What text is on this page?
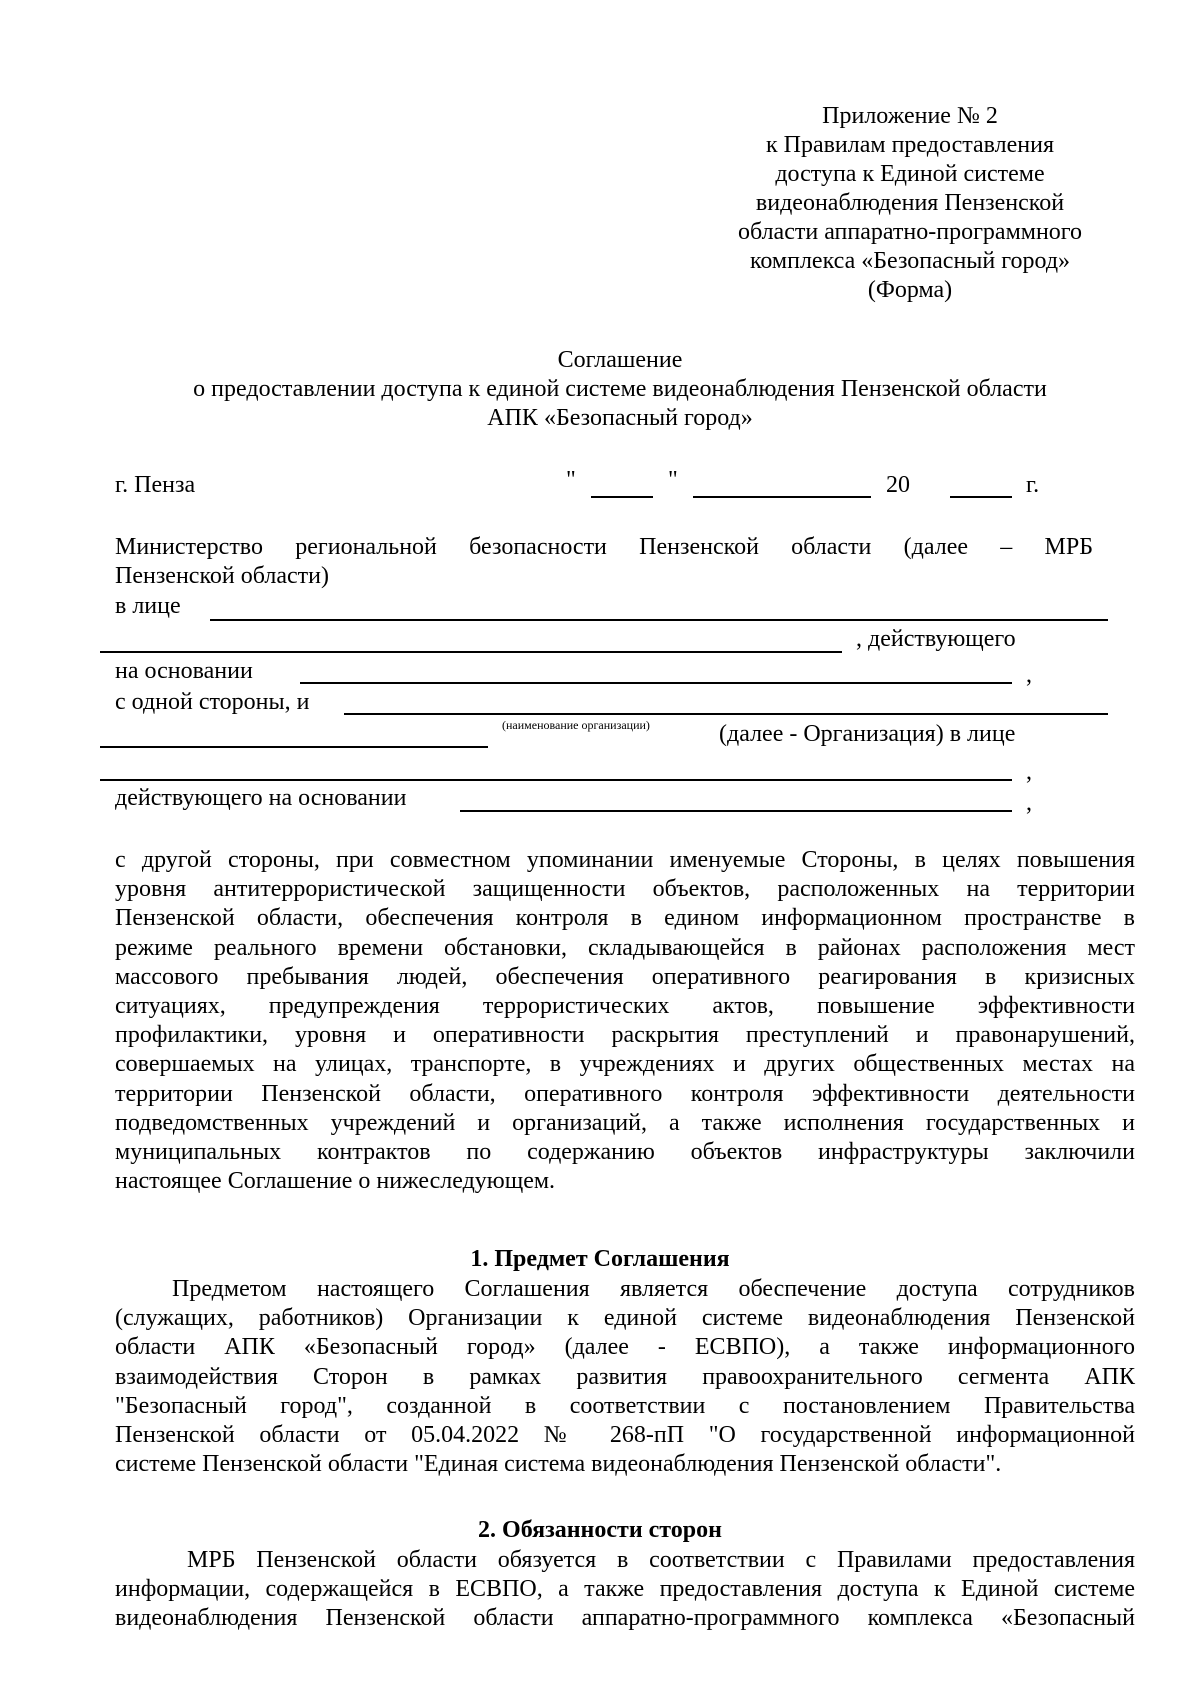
Приложение № 2
к Правилам предоставления
доступа к Единой системе
видеонаблюдения Пензенской
области аппаратно-программного
комплекса «Безопасный город»
(Форма)
Соглашение
о предоставлении доступа к единой системе видеонаблюдения Пензенской области
АПК «Безопасный город»
г. Пенза	"	"	20	г.
Министерство региональной безопасности Пензенской области (далее – МРБ
Пензенской области)
в лице
, действующего
на основании	,
с одной стороны, и
(наименование организации)	(далее - Организация) в лице
,
действующего на основании	,
с другой стороны, при совместном упоминании именуемые Стороны, в целях повышения
уровня антитеррористической защищенности объектов, расположенных на территории
Пензенской области, обеспечения контроля в едином информационном пространстве в
режиме реального времени обстановки, складывающейся в районах расположения мест
массового пребывания людей, обеспечения оперативного реагирования в кризисных
ситуациях, предупреждения террористических актов, повышение эффективности
профилактики, уровня и оперативности раскрытия преступлений и правонарушений,
совершаемых на улицах, транспорте, в учреждениях и других общественных местах на
территории Пензенской области, оперативного контроля эффективности деятельности
подведомственных учреждений и организаций, а также исполнения государственных и
муниципальных контрактов по содержанию объектов инфраструктуры заключили
настоящее Соглашение о нижеследующем.
1. Предмет Соглашения
Предметом настоящего Соглашения является обеспечение доступа сотрудников
(служащих, работников) Организации к единой системе видеонаблюдения Пензенской
области АПК «Безопасный город» (далее - ЕСВПО), а также информационного
взаимодействия Сторон в рамках развития правоохранительного сегмента АПК
"Безопасный город", созданной в соответствии с постановлением Правительства
Пензенской области от 05.04.2022 № 268-пП "О государственной информационной
системе Пензенской области "Единая система видеонаблюдения Пензенской области".
2. Обязанности сторон
МРБ Пензенской области обязуется в соответствии с Правилами предоставления
информации, содержащейся в ЕСВПО, а также предоставления доступа к Единой системе
видеонаблюдения Пензенской области аппаратно-программного комплекса «Безопасный
